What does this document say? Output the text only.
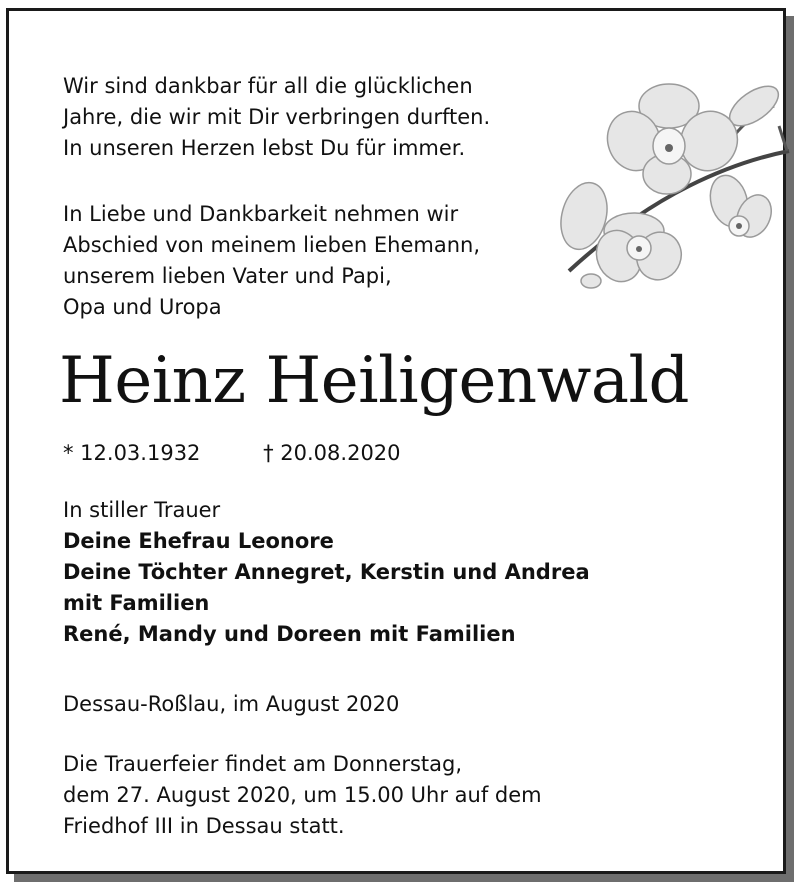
Wir sind dankbar für all die glücklichen
Jahre, die wir mit Dir verbringen durften.
In unseren Herzen lebst Du für immer.

In Liebe und Dankbarkeit nehmen wir
Abschied von meinem lieben Ehemann,
unserem lieben Vater und Papi,
Opa und Uropa

Heinz Heiligenwald

* 12.03.1932	† 20.08.2020

In stiller Trauer
Deine Ehefrau Leonore
Deine Töchter Annegret, Kerstin und Andrea
mit Familien
René, Mandy und Doreen mit Familien

Dessau-Roßlau, im August 2020

Die Trauerfeier findet am Donnerstag,
dem 27. August 2020, um 15.00 Uhr auf dem
Friedhof III in Dessau statt.
